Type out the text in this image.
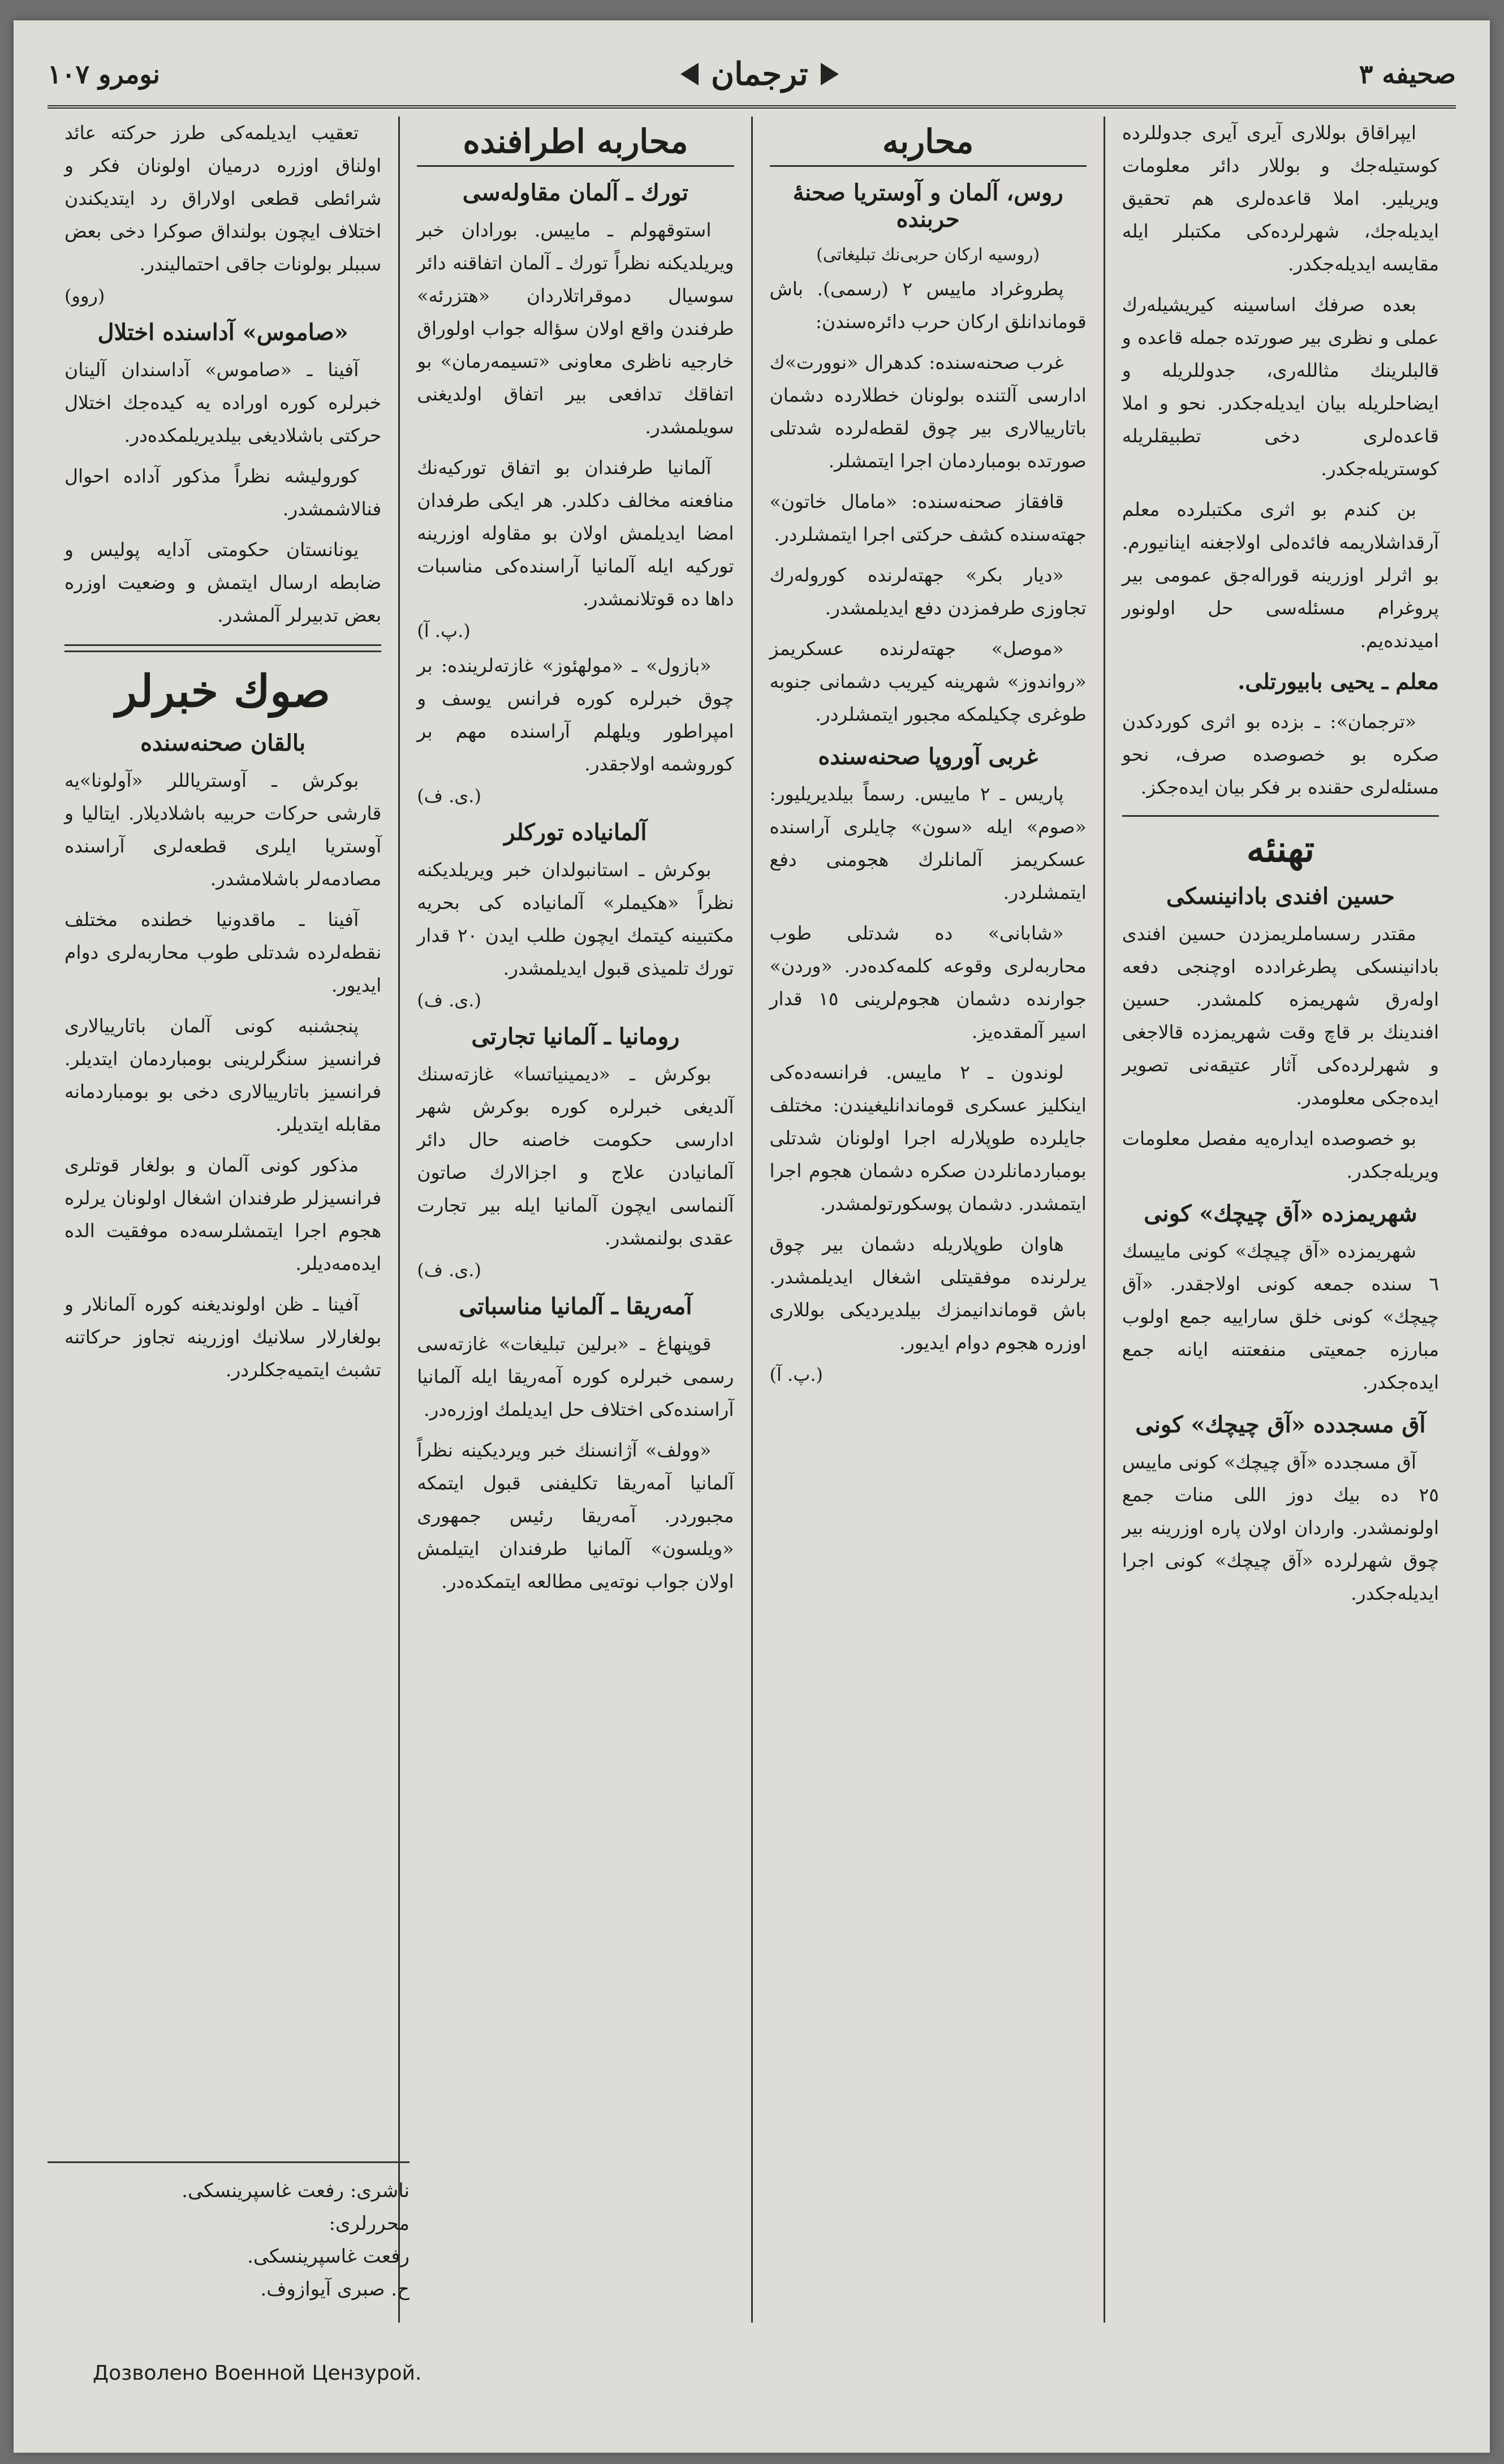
صحيفه ٣
ترجمان
نومرو ١٠٧

ایپراقاق بوللاری آیری آیری جدوللرده کوستیله‌جك و بوللار دائر معلومات ویریلیر. املا قاعده‌لری هم تحقیق ایدیله‌جك، شهرلرده‌کی مکتبلر ایله مقایسه ایدیله‌جکدر.

بعده صرفك اساسینه کیریشیله‌رك عملی و نظری بیر صورتده جمله قاعده و قالبلرینك مثالله‌ری، جدوللریله و ایضاحلریله بیان ایدیله‌جکدر. نحو و املا قاعده‌لری دخی تطبیقلریله کوستریله‌جکدر.

بن کندم بو اثری مکتبلرده معلم آرقداشلاریمه فائده‌لی اولاجغنه اینانیورم. بو اثرلر اوزرینه قوراله‌جق عمومی بیر پروغرام مسئله‌سی حل اولونور امیدنده‌یم.

معلم ـ یحیی بابیورتلی.

«ترجمان»: ـ بزده بو اثری کوردکدن صکره بو خصوصده صرف، نحو مسئله‌لری حقنده بر فکر بیان ایده‌جکز.

تهنئه
حسین افندی بادانینسکی

مقتدر رسساملریمزدن حسین افندی بادانینسکی پطرغرادده اوچنجی دفعه اوله‌رق شهریمزه کلمشدر. حسین افندینك بر قاچ وقت شهریمزده قالاجغی و شهرلرده‌کی آثار عتیقه‌نی تصویر ایده‌جکی معلومدر.

بو خصوصده ایداره‌یه مفصل معلومات ویریله‌جکدر.

شهریمزده «آق چیچك» کونی

شهریمزده «آق چیچك» کونی ماییسك ٦ سنده جمعه کونی اولاجقدر. «آق چیچك» کونی خلق ساراییه جمع اولوب مبارزه جمعیتی منفعتنه ایانه جمع ایده‌جکدر.

آق مسجدده «آق چیچك» کونی

آق مسجدده «آق چیچك» کونی ماییس ٢٥ ده بیك دوز اللی منات جمع اولونمشدر. واردان اولان پاره اوزرینه بیر چوق شهرلرده «آق چیچك» کونی اجرا ایدیله‌جکدر.

محاربه
روس، آلمان و آوستریا صحنهٔ حربنده
(روسیه ارکان حربی‌نك تبلیغاتی)

پطروغراد ماییس ٢ (رسمی). باش قوماندانلق ارکان حرب دائره‌سندن:

غرب صحنه‌سنده: کدهرال «نوورت»ك ادارسی آلتنده بولونان خطلارده دشمان باتارییالاری بیر چوق لقطه‌لرده شدتلی صورتده بومباردمان اجرا ایتمشلر.

قافقاز صحنه‌سنده: «مامال خاتون» جهته‌سنده کشف حرکتی اجرا ایتمشلردر.

«دیار بکر» جهته‌لرنده کوروله‌رك تجاوزی طرفمزدن دفع ایدیلمشدر.

«موصل» جهته‌لرنده عسکریمز «رواندوز» شهرینه کیریب دشمانی جنوبه طوغری چکیلمکه مجبور ایتمشلردر.

غربی آوروپا صحنه‌سنده

پاریس ـ ٢ ماییس. رسماً بیلدیریلیور: «صوم» ایله «سون» چایلری آراسنده عسکریمز آلمانلرك هجومنی دفع ایتمشلردر.

«شابانی» ده شدتلی طوب محاربه‌لری وقوعه کلمه‌کده‌در. «وردن» جوارنده دشمان هجوم‌لرینی ١٥ قدار اسیر آلمقده‌یز.

لوندون ـ ٢ ماییس. فرانسه‌ده‌کی اینکلیز عسکری قوماندانلیغیندن: مختلف جایلرده طوپلارله اجرا اولونان شدتلی بومباردمانلردن صکره دشمان هجوم اجرا ایتمشدر. دشمان پوسکورتولمشدر.

هاوان طوپلاریله دشمان بیر چوق یرلرنده موفقیتلی اشغال ایدیلمشدر. باش قوماندانیمزك بیلدیردیکی بوللاری اوزره هجوم دوام ایدیور.

(پ. آ.)
محاربه اطرافنده
تورك ـ آلمان مقاوله‌سی

استوقهولم ـ ماییس. بورادان خبر ویریلدیکنه نظراً تورك ـ آلمان اتفاقنه دائر سوسیال دموقراتلاردان «هتزرئه» طرفندن واقع اولان سؤاله جواب اولوراق خارجیه ناظری معاونی «تسیمه‌رمان» بو اتفاقك تدافعی بیر اتفاق اولدیغنی سویلمشدر.

آلمانیا طرفندان بو اتفاق تورکیه‌نك منافعنه مخالف دکلدر. هر ایکی طرفدان امضا ایدیلمش اولان بو مقاوله اوزرینه تورکیه ایله آلمانیا آراسنده‌کی مناسبات داها ده قوتلانمشدر.

(پ. آ.)

«بازول» ـ «مولهئوز» غازته‌لرینده: بر چوق خبرلره کوره فرانس یوسف و امپراطور ویلهلم آراسنده مهم بر کوروشمه اولاجقدر.

(ی. ف.)
آلمانیاده تورکلر

بوکرش ـ استانبولدان خبر ویریلدیکنه نظراً «هکیملر» آلمانیاده کی بحریه مکتبینه کیتمك ایچون طلب ایدن ٢٠ قدار تورك تلمیذی قبول ایدیلمشدر.

(ی. ف.)
رومانیا ـ آلمانیا تجارتی

بوکرش ـ «دیمینیاتسا» غازته‌سنك آلدیغی خبرلره کوره بوکرش شهر ادارسی حکومت خاصنه حال دائر آلمانیادن علاج و اجزالارك صاتون آلنماسی ایچون آلمانیا ایله بیر تجارت عقدی بولنمشدر.

(ی. ف.)
آمه‌ریقا ـ آلمانیا مناسباتی

قوپنهاغ ـ «برلین تبلیغات» غازته‌سی رسمی خبرلره کوره آمه‌ریقا ایله آلمانیا آراسنده‌کی اختلاف حل ایدیلمك اوزره‌در.

«وولف» آژانسنك خبر ویردیکینه نظراً آلمانیا آمه‌ریقا تکلیفنی قبول ایتمکه مجبوردر. آمه‌ریقا رئیس جمهوری «ویلسون» آلمانیا طرفندان ایتیلمش اولان جواب نوته‌یی مطالعه ایتمکده‌در.

تعقیب ایدیلمه‌کی طرز حرکته عائد اولناق اوزره درمیان اولونان فکر و شرائطی قطعی اولاراق رد ایتدیکندن اختلاف ایچون بولنداق صوکرا دخی بعض سببلر بولونات جاقی احتمالیندر.

(روو)
«صاموس» آداسنده اختلال

آفینا ـ «صاموس» آداسندان آلینان خبرلره کوره اوراده یه کیده‌جك اختلال حرکتی باشلادیغی بیلدیریلمکده‌در.

کورولیشه نظراً مذکور آداده احوال فنالاشمشدر.

یونانستان حکومتی آدایه پولیس و ضابطه ارسال ایتمش و وضعیت اوزره بعض تدبیرلر آلمشدر.

صوك خبرلر
بالقان صحنه‌سنده

بوکرش ـ آوستریاللر «آولونا»یه قارشی حرکات حربیه باشلادیلار. ایتالیا و آوستریا ایلری قطعه‌لری آراسنده مصادمه‌لر باشلامشدر.

آفینا ـ ماقدونیا خطنده مختلف نقطه‌لرده شدتلی طوب محاربه‌لری دوام ایدیور.

پنجشنبه کونی آلمان باتارییالاری فرانسیز سنگرلرینی بومباردمان ایتدیلر. فرانسیز باتارییالاری دخی بو بومباردمانه مقابله ایتدیلر.

مذکور کونی آلمان و بولغار قوتلری فرانسیزلر طرفندان اشغال اولونان یرلره هجوم اجرا ایتمشلرسه‌ده موفقیت الده ایده‌مه‌دیلر.

آفینا ـ ظن اولوندیغنه کوره آلمانلار و بولغارلار سلانیك اوزرینه تجاوز حرکاتنه تشبث ایتمیه‌جکلردر.

ناشری: رفعت غاسپرینسکی.
محررلری:
رفعت غاسپرینسکی.
ح. صبری آیوازوف.
Дозволено Военной Цензурой.
